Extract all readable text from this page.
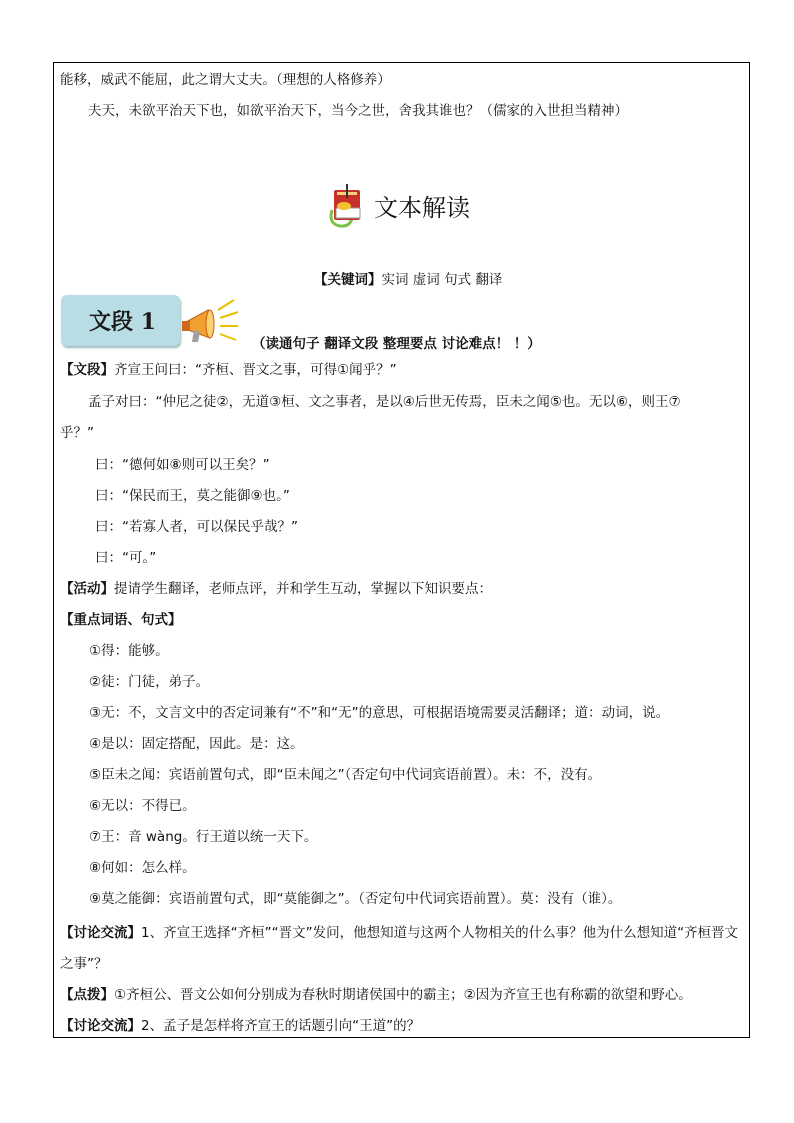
能移，威武不能屈，此之谓大丈夫。（理想的人格修养）
夫天，未欲平治天下也，如欲平治天下，当今之世，舍我其谁也？（儒家的入世担当精神）
文本解读
【关键词】实词 虚词 句式 翻译
文段 1
（读通句子 翻译文段 整理要点 讨论难点！ ！）
【文段】齐宣王问曰：“齐桓、晋文之事，可得①闻乎？”
孟子对曰：“仲尼之徒②，无道③桓、文之事者，是以④后世无传焉，臣未之闻⑤也。无以⑥，则王⑦
乎？”
曰：“德何如⑧则可以王矣？”
曰：“保民而王，莫之能御⑨也。”
曰：“若寡人者，可以保民乎哉？”
曰：“可。”
【活动】提请学生翻译，老师点评，并和学生互动，掌握以下知识要点：
【重点词语、句式】
①得：能够。
②徒：门徒，弟子。
③无：不，文言文中的否定词兼有“不”和“无”的意思，可根据语境需要灵活翻译；道：动词，说。
④是以：固定搭配，因此。是：这。
⑤臣未之闻：宾语前置句式，即“臣未闻之”（否定句中代词宾语前置）。未：不，没有。
⑥无以：不得已。
⑦王：音 wàng。行王道以统一天下。
⑧何如：怎么样。
⑨莫之能御：宾语前置句式，即“莫能御之”。（否定句中代词宾语前置）。莫：没有（谁）。
【讨论交流】1、齐宣王选择“齐桓”“晋文”发问，他想知道与这两个人物相关的什么事？他为什么想知道“齐桓晋文之事”？
【点拨】①齐桓公、晋文公如何分别成为春秋时期诸侯国中的霸主；②因为齐宣王也有称霸的欲望和野心。
【讨论交流】2、孟子是怎样将齐宣王的话题引向“王道”的？
